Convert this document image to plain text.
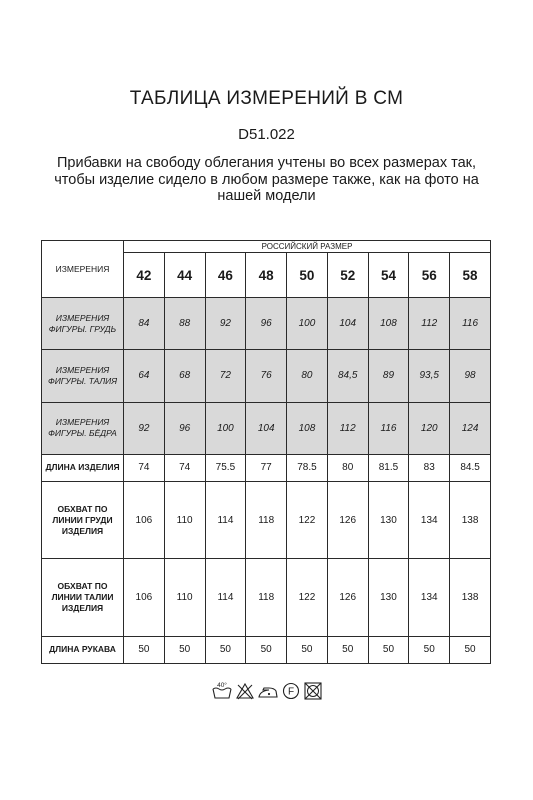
ТАБЛИЦА ИЗМЕРЕНИЙ В СМ
D51.022
Прибавки на свободу облегания учтены во всех размерах так, чтобы изделие сидело в любом размере также, как на фото на нашей модели
ИЗМЕРЕНИЯ	РОССИЙСКИЙ РАЗМЕР								
	42	44	46	48	50	52	54	56	58
ИЗМЕРЕНИЯ ФИГУРЫ. ГРУДЬ	84	88	92	96	100	104	108	112	116
ИЗМЕРЕНИЯ ФИГУРЫ. ТАЛИЯ	64	68	72	76	80	84,5	89	93,5	98
ИЗМЕРЕНИЯ ФИГУРЫ. БЁДРА	92	96	100	104	108	112	116	120	124
ДЛИНА ИЗДЕЛИЯ	74	74	75.5	77	78.5	80	81.5	83	84.5
ОБХВАТ ПО ЛИНИИ ГРУДИ ИЗДЕЛИЯ	106	110	114	118	122	126	130	134	138
ОБХВАТ ПО ЛИНИИ ТАЛИИ ИЗДЕЛИЯ	106	110	114	118	122	126	130	134	138
ДЛИНА РУКАВА	50	50	50	50	50	50	50	50	50
40°
F
